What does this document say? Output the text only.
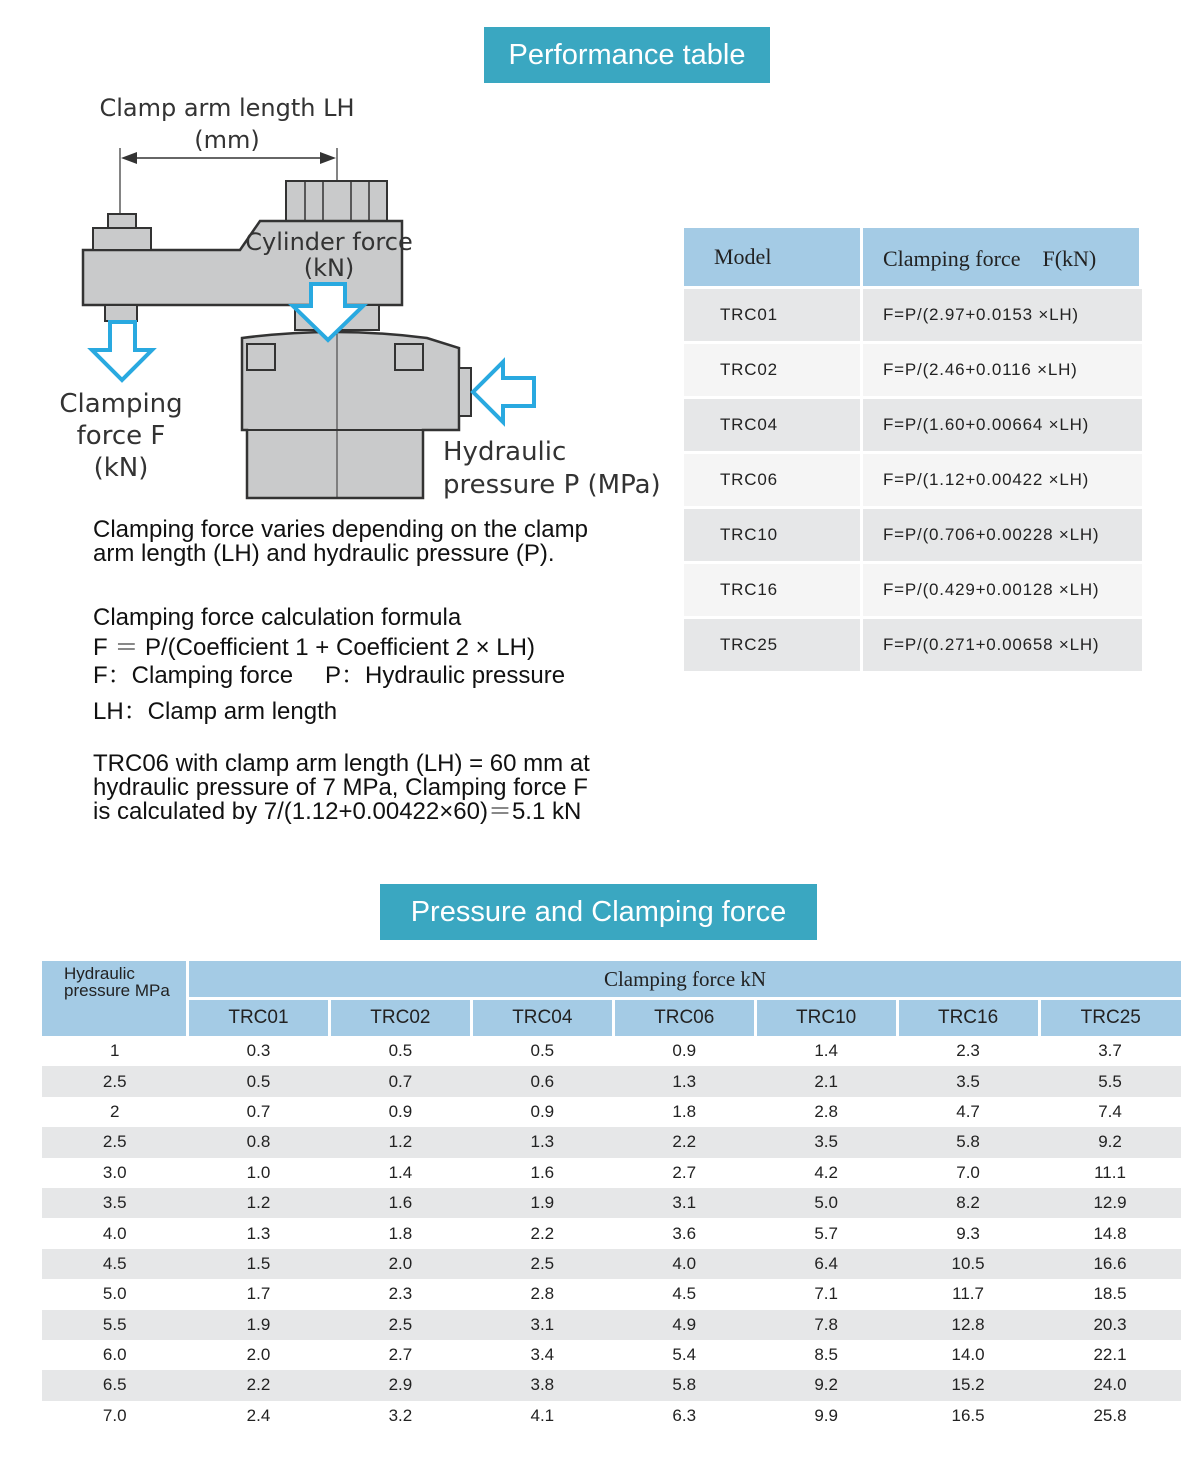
Performance table
Pressure and Clamping force
Clamp arm length LH
(mm)
Cylinder force
(kN)
Clamping
force F
(kN)
Hydraulic
pressure P (MPa)
Clamping force varies depending on the clamp arm length (LH) and hydraulic pressure (P).
Clamping force calculation formula
F ＝ P/(Coefficient 1 + Coefficient 2 × LH)
F：Clamping force	P：Hydraulic pressure
LH：Clamp arm length
TRC06 with clamp arm length (LH) = 60 mm at hydraulic pressure of 7 MPa, Clamping force F is calculated by 7/(1.12+0.00422×60)＝5.1 kN
Model	Clamping force　F(kN)
TRC01	F=P/(2.97+0.0153 ×LH)
TRC02	F=P/(2.46+0.0116 ×LH)
TRC04	F=P/(1.60+0.00664 ×LH)
TRC06	F=P/(1.12+0.00422 ×LH)
TRC10	F=P/(0.706+0.00228 ×LH)
TRC16	F=P/(0.429+0.00128 ×LH)
TRC25	F=P/(0.271+0.00658 ×LH)
Hydraulic pressure MPa	Clamping force kN						
	TRC01	TRC02	TRC04	TRC06	TRC10	TRC16	TRC25
1	0.3	0.5	0.5	0.9	1.4	2.3	3.7
2.5	0.5	0.7	0.6	1.3	2.1	3.5	5.5
2	0.7	0.9	0.9	1.8	2.8	4.7	7.4
2.5	0.8	1.2	1.3	2.2	3.5	5.8	9.2
3.0	1.0	1.4	1.6	2.7	4.2	7.0	11.1
3.5	1.2	1.6	1.9	3.1	5.0	8.2	12.9
4.0	1.3	1.8	2.2	3.6	5.7	9.3	14.8
4.5	1.5	2.0	2.5	4.0	6.4	10.5	16.6
5.0	1.7	2.3	2.8	4.5	7.1	11.7	18.5
5.5	1.9	2.5	3.1	4.9	7.8	12.8	20.3
6.0	2.0	2.7	3.4	5.4	8.5	14.0	22.1
6.5	2.2	2.9	3.8	5.8	9.2	15.2	24.0
7.0	2.4	3.2	4.1	6.3	9.9	16.5	25.8
